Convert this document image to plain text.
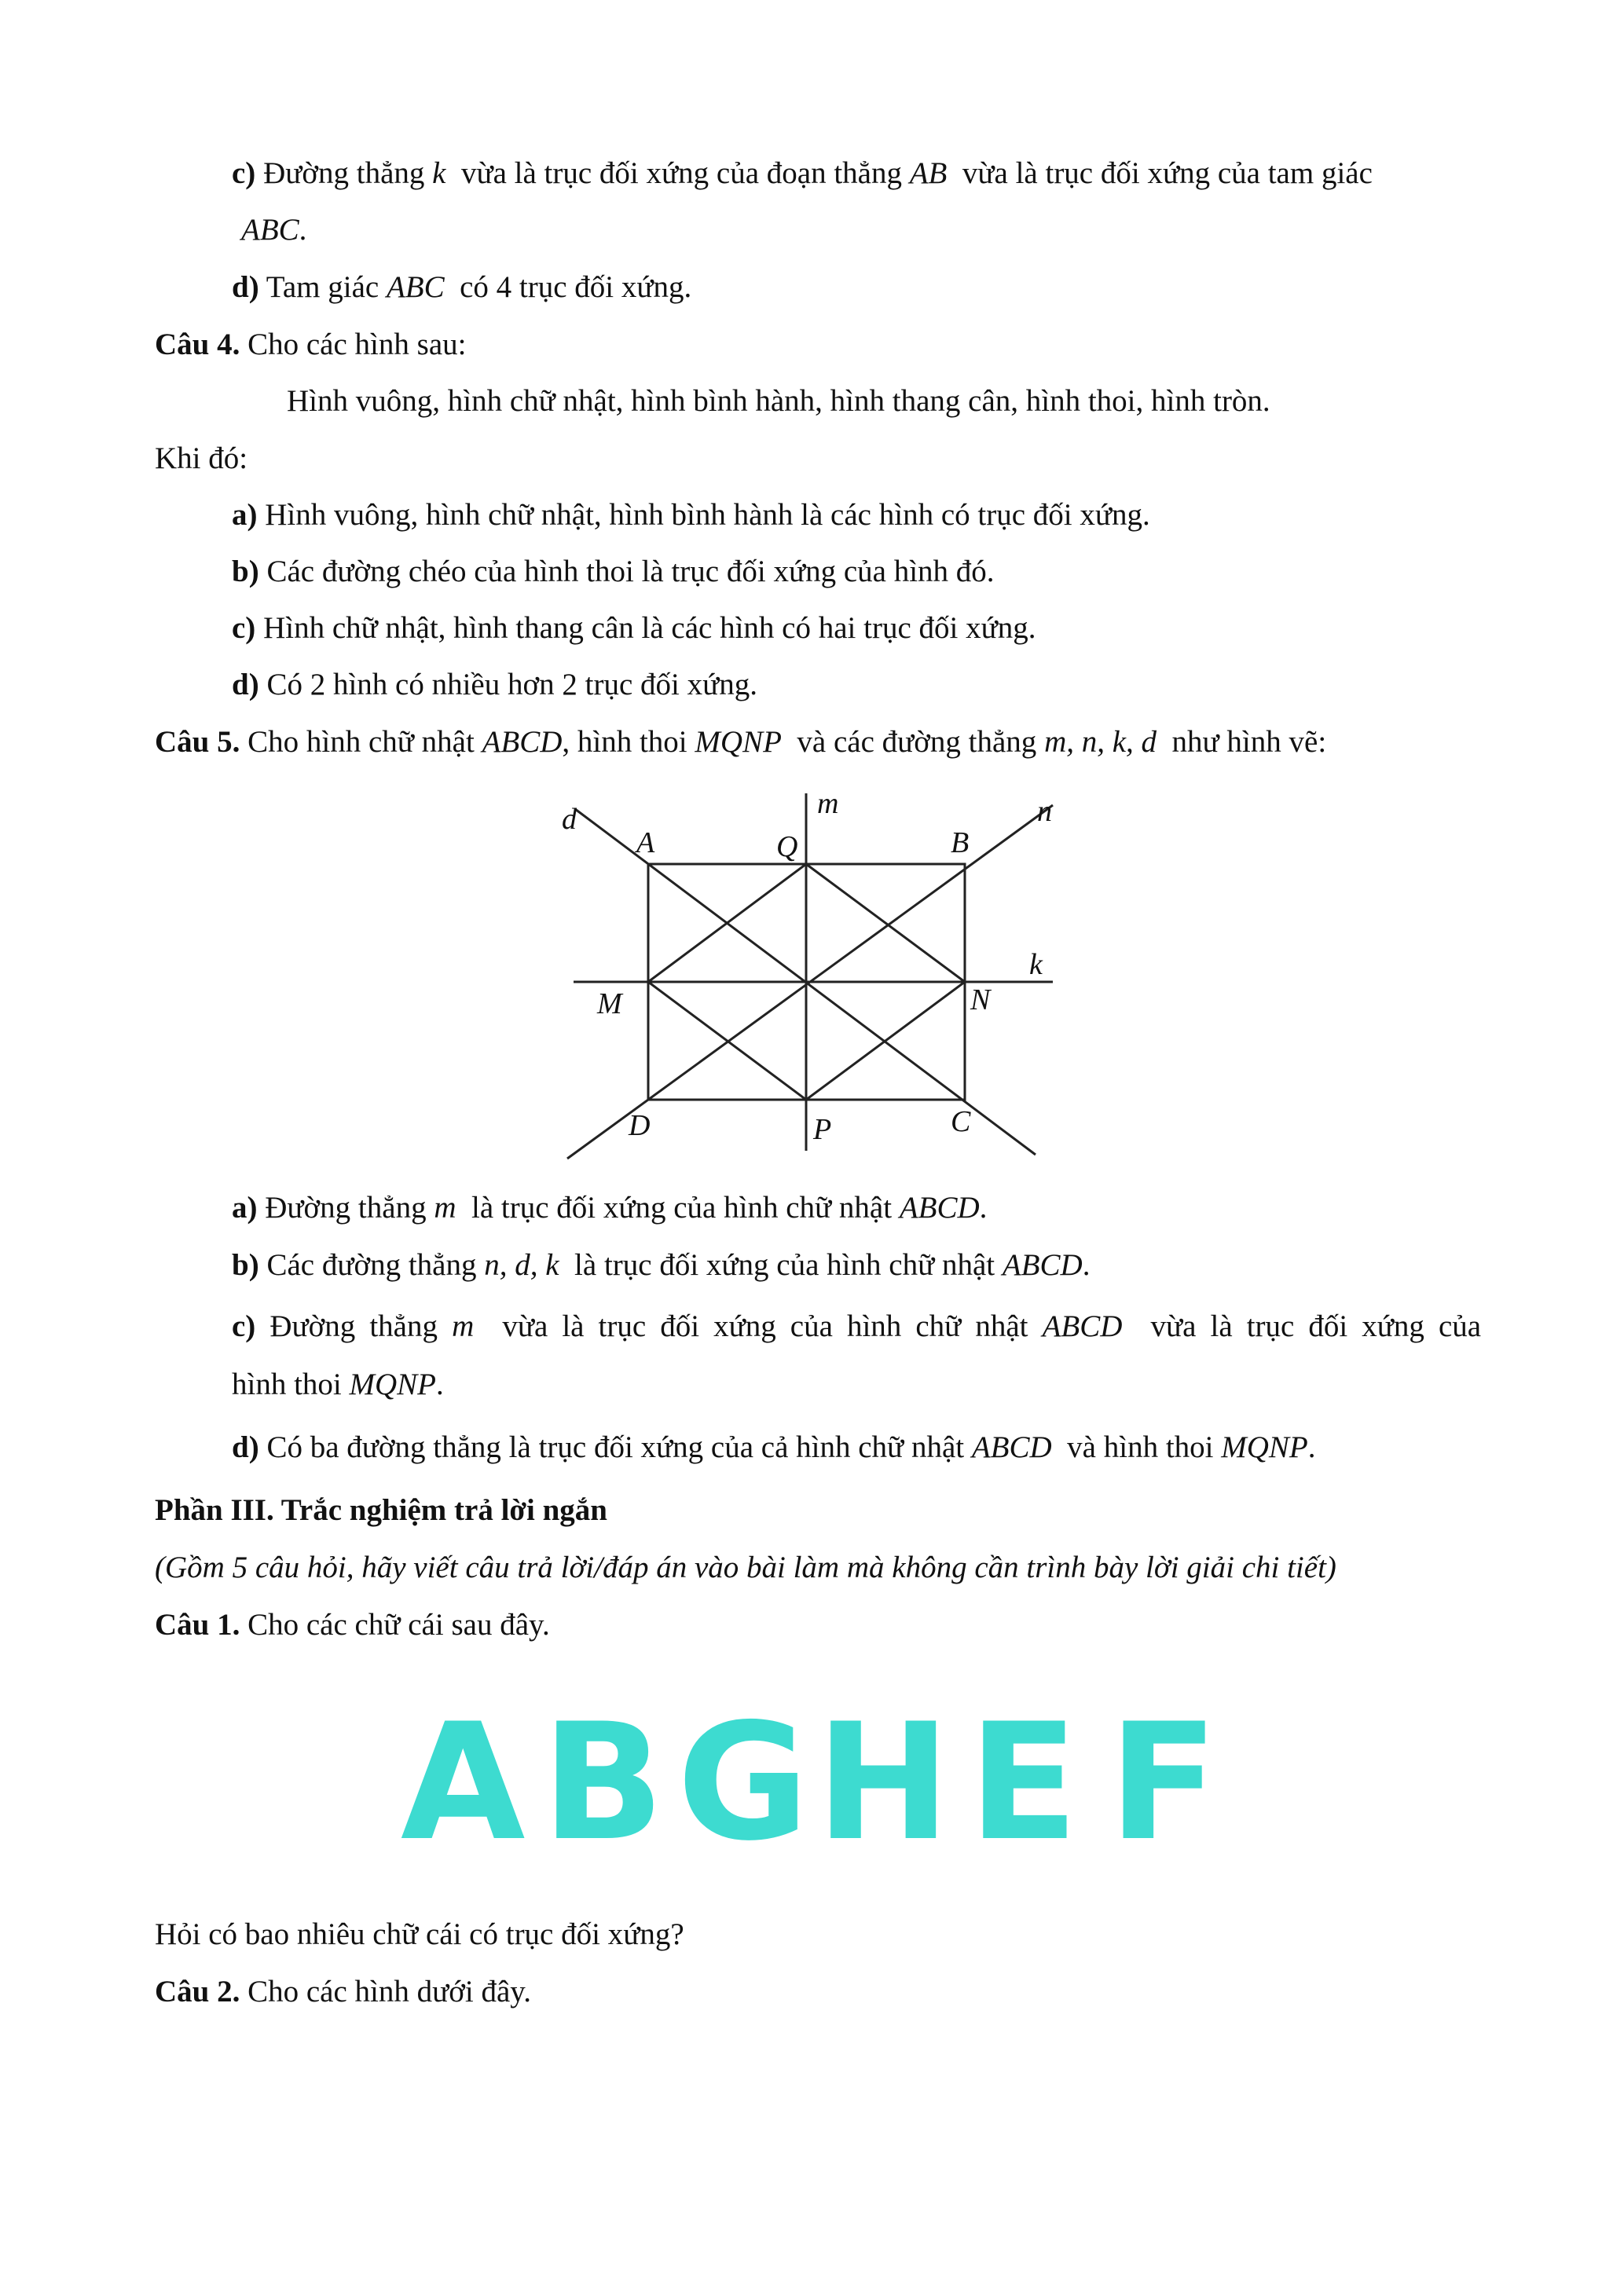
c) Đường thẳng k vừa là trục đối xứng của đoạn thẳng AB vừa là trục đối xứng của tam giác
ABC.
d) Tam giác ABC có 4 trục đối xứng.
Câu 4. Cho các hình sau:
Hình vuông, hình chữ nhật, hình bình hành, hình thang cân, hình thoi, hình tròn.
Khi đó:
a) Hình vuông, hình chữ nhật, hình bình hành là các hình có trục đối xứng.
b) Các đường chéo của hình thoi là trục đối xứng của hình đó.
c) Hình chữ nhật, hình thang cân là các hình có hai trục đối xứng.
d) Có 2 hình có nhiều hơn 2 trục đối xứng.
Câu 5. Cho hình chữ nhật ABCD, hình thoi MQNP và các đường thẳng m, n, k, d như hình vẽ:
d
A	Q
m
B
n
k
M	N
D	P	C
a) Đường thẳng m là trục đối xứng của hình chữ nhật ABCD.
b) Các đường thẳng n, d, k là trục đối xứng của hình chữ nhật ABCD.
c) Đường thẳng m vừa là trục đối xứng của hình chữ nhật ABCD vừa là trục đối xứng của
hình thoi MQNP.
d) Có ba đường thẳng là trục đối xứng của cả hình chữ nhật ABCD và hình thoi MQNP.
Phần III. Trắc nghiệm trả lời ngắn
(Gồm 5 câu hỏi, hãy viết câu trả lời/đáp án vào bài làm mà không cần trình bày lời giải chi tiết)
Câu 1. Cho các chữ cái sau đây.
A B G H E F
Hỏi có bao nhiêu chữ cái có trục đối xứng?
Câu 2. Cho các hình dưới đây.
